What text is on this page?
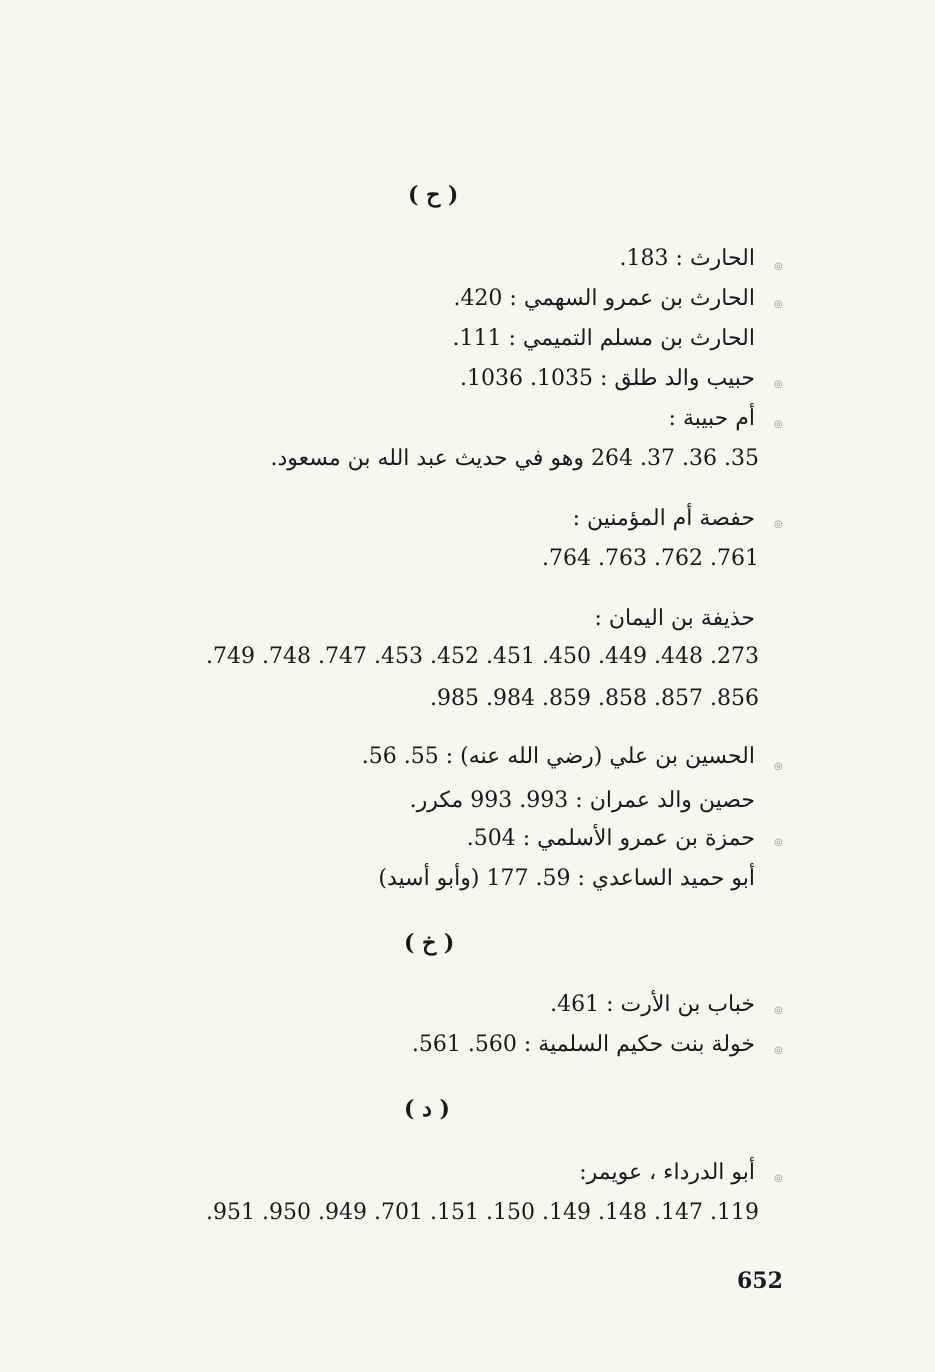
( ح )
◎
الحارث : 183.
◎
الحارث بن عمرو السهمي : 420.
الحارث بن مسلم التميمي : 111.
◎
حبيب والد طلق : 1035. 1036.
◎
أم حبيبة :
35. 36. 37. 264 وهو في حديث عبد الله بن مسعود.
◎
حفصة أم المؤمنين :
761. 762. 763. 764.
حذيفة بن اليمان :
273. 448. 449. 450. 451. 452. 453. 747. 748. 749.
856. 857. 858. 859. 984. 985.
◎
الحسين بن علي (رضي الله عنه) : 55. 56.
حصين والد عمران : 993. 993 مكرر.
◎
حمزة بن عمرو الأسلمي : 504.
أبو حميد الساعدي : 59. 177 (وأبو أسيد)
( خ )
◎
خباب بن الأرت : 461.
◎
خولة بنت حكيم السلمية : 560. 561.
( د )
◎
أبو الدرداء ، عويمر:
119. 147. 148. 149. 150. 151. 701. 949. 950. 951.
652
